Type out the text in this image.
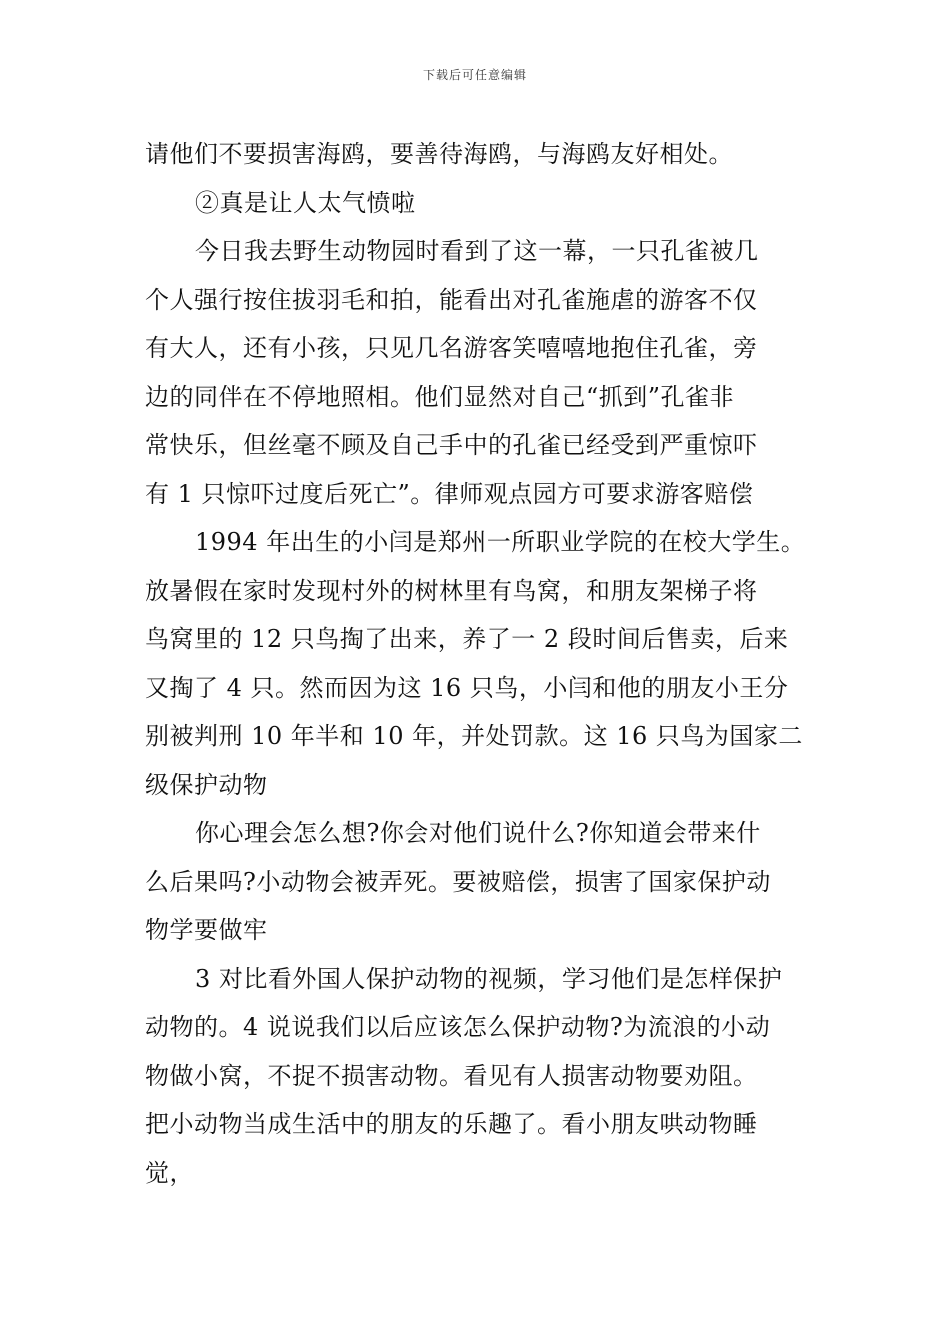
下载后可任意编辑
请他们不要损害海鸥，要善待海鸥，与海鸥友好相处。
②真是让人太气愤啦
今日我去野生动物园时看到了这一幕，一只孔雀被几
个人强行按住拔羽毛和拍，能看出对孔雀施虐的游客不仅
有大人，还有小孩，只见几名游客笑嘻嘻地抱住孔雀，旁
边的同伴在不停地照相。他们显然对自己“抓到”孔雀非
常快乐，但丝毫不顾及自己手中的孔雀已经受到严重惊吓
有 1 只惊吓过度后死亡”。律师观点园方可要求游客赔偿
1994 年出生的小闫是郑州一所职业学院的在校大学生。
放暑假在家时发现村外的树林里有鸟窝，和朋友架梯子将
鸟窝里的 12 只鸟掏了出来，养了一 2 段时间后售卖，后来
又掏了 4 只。然而因为这 16 只鸟，小闫和他的朋友小王分
别被判刑 10 年半和 10 年，并处罚款。这 16 只鸟为国家二
级保护动物
你心理会怎么想?你会对他们说什么?你知道会带来什
么后果吗?小动物会被弄死。要被赔偿，损害了国家保护动
物学要做牢
3 对比看外国人保护动物的视频，学习他们是怎样保护
动物的。4 说说我们以后应该怎么保护动物?为流浪的小动
物做小窝，不捉不损害动物。看见有人损害动物要劝阻。
把小动物当成生活中的朋友的乐趣了。看小朋友哄动物睡
觉，
